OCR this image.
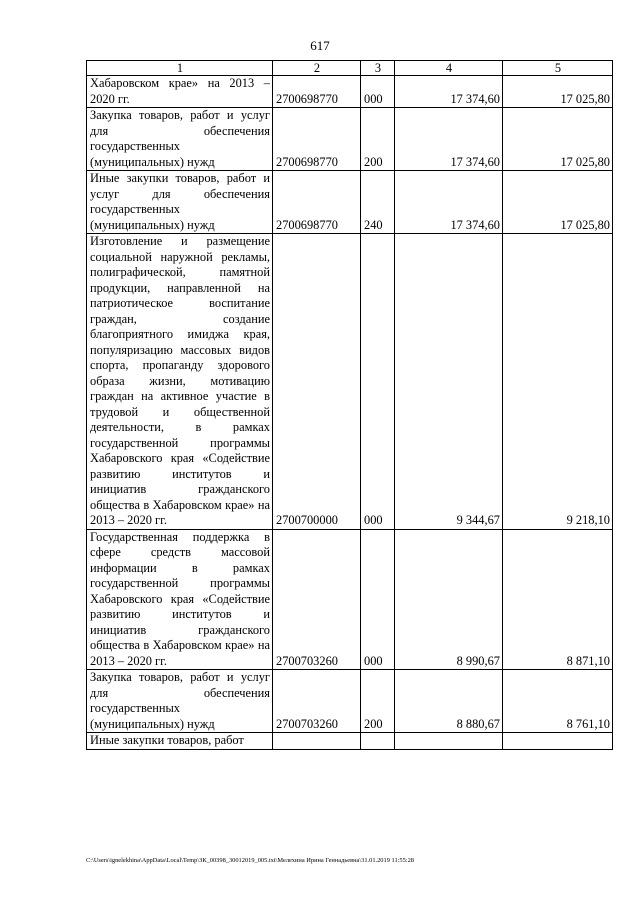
617
1	2	3	4	5
Хабаровском крае» на 2013 – 2020 гг.	2700698770	000	17 374,60	17 025,80
Закупка товаров, работ и услуг для обеспечения государственных (муниципальных) нужд	2700698770	200	17 374,60	17 025,80
Иные закупки товаров, работ и услуг для обеспечения государственных (муниципальных) нужд	2700698770	240	17 374,60	17 025,80
Изготовление и размещение социальной наружной рекламы, полиграфической, памятной продукции, направленной на патриотическое воспитание граждан, создание благоприятного имиджа края, популяризацию массовых видов спорта, пропаганду здорового образа жизни, мотивацию граждан на активное участие в трудовой и общественной деятельности, в рамках государственной программы Хабаровского края «Содействие развитию институтов и инициатив гражданского общества в Хабаровском крае» на 2013 – 2020 гг.	2700700000	000	9 344,67	9 218,10
Государственная поддержка в сфере средств массовой информации в рамках государственной программы Хабаровского края «Содействие развитию институтов и инициатив гражданского общества в Хабаровском крае» на 2013 – 2020 гг.	2700703260	000	8 990,67	8 871,10
Закупка товаров, работ и услуг для обеспечения государственных (муниципальных) нужд	2700703260	200	8 880,67	8 761,10
Иные закупки товаров, работ				
C:\Users\ignelekhina\AppData\Local\Temp\ЗК_00398_30012019_005.txt\Мелехина Ирина Геннадьевна\31.01.2019 11:55:28
